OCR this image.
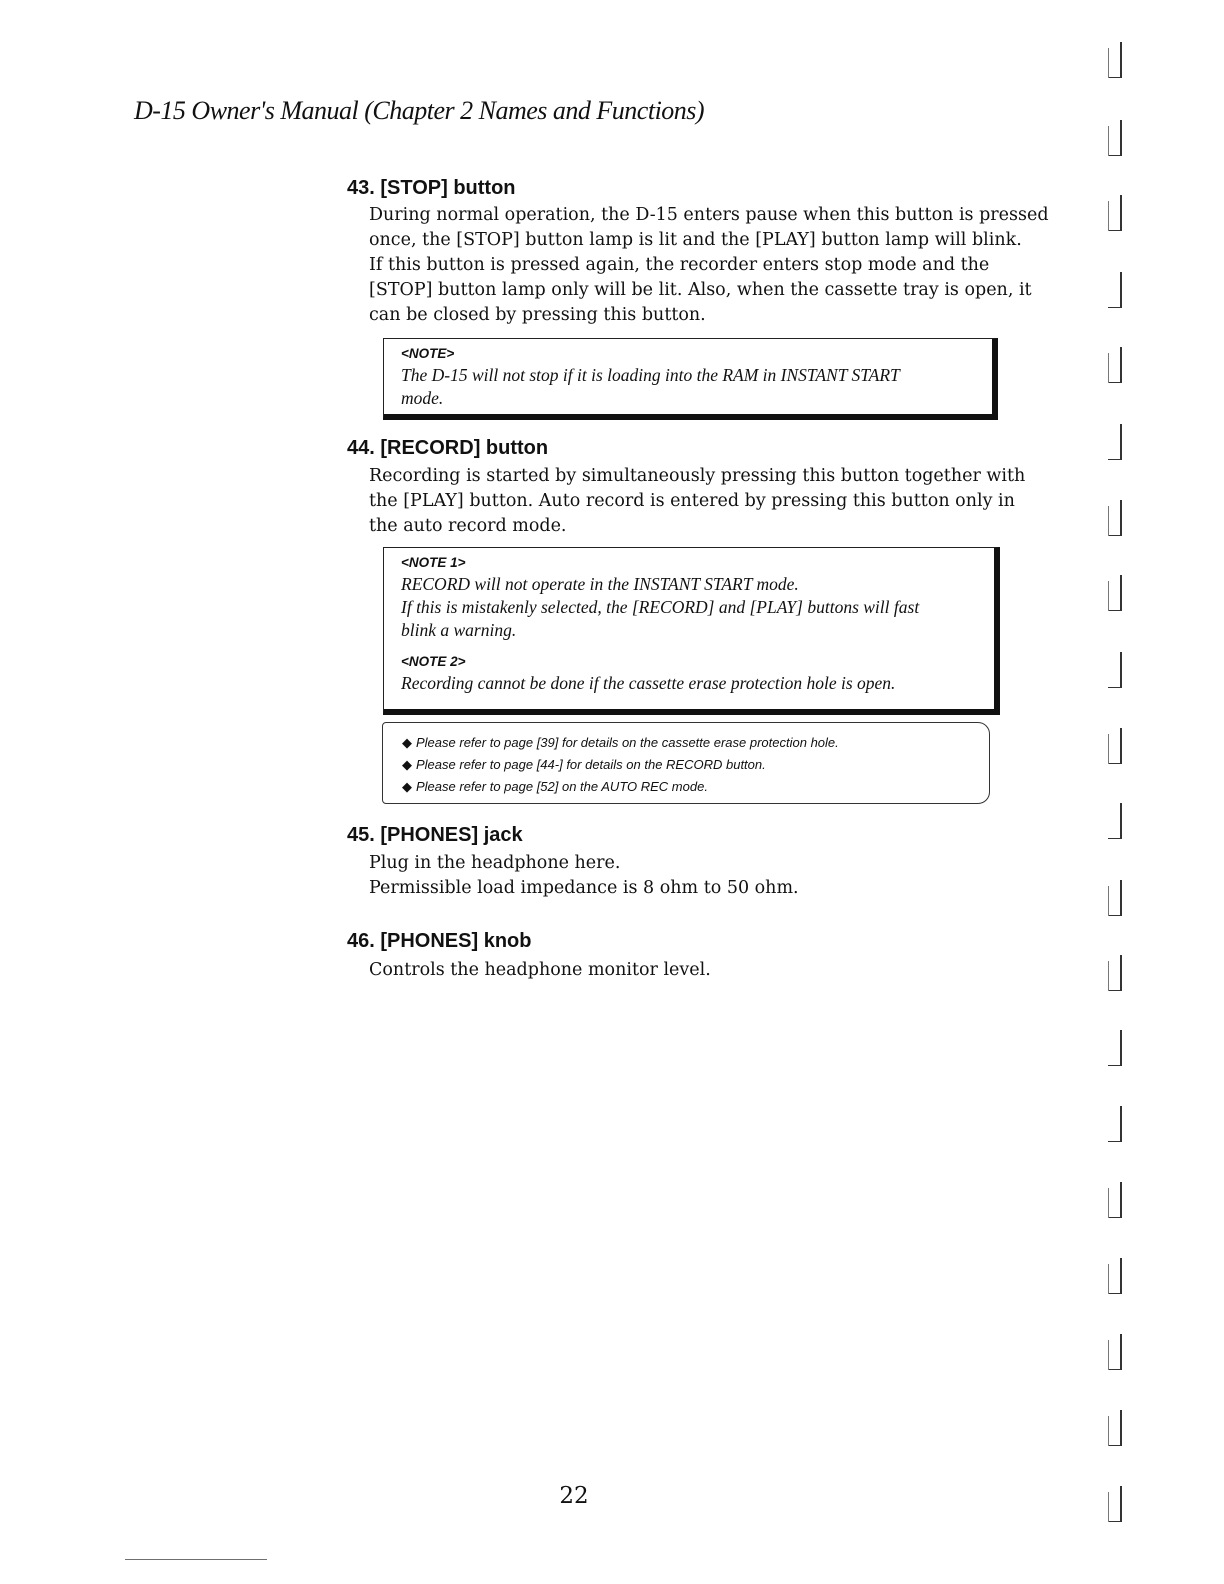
D-15 Owner's Manual (Chapter 2 Names and Functions)
43. [STOP] button
During normal operation, the D-15 enters pause when this button is pressed
once, the [STOP] button lamp is lit and the [PLAY] button lamp will blink.
If this button is pressed again, the recorder enters stop mode and the
[STOP] button lamp only will be lit. Also, when the cassette tray is open, it
can be closed by pressing this button.
<NOTE>
The D-15 will not stop if it is loading into the RAM in INSTANT START
mode.
44. [RECORD] button
Recording is started by simultaneously pressing this button together with
the [PLAY] button. Auto record is entered by pressing this button only in
the auto record mode.
<NOTE 1>
RECORD will not operate in the INSTANT START mode.
If this is mistakenly selected, the [RECORD] and [PLAY] buttons will fast
blink a warning.
<NOTE 2>
Recording cannot be done if the cassette erase protection hole is open.
◆ Please refer to page [39] for details on the cassette erase protection hole.
◆ Please refer to page [44-] for details on the RECORD button.
◆ Please refer to page [52] on the AUTO REC mode.
45. [PHONES] jack
Plug in the headphone here.
Permissible load impedance is 8 ohm to 50 ohm.
46. [PHONES] knob
Controls the headphone monitor level.
22
